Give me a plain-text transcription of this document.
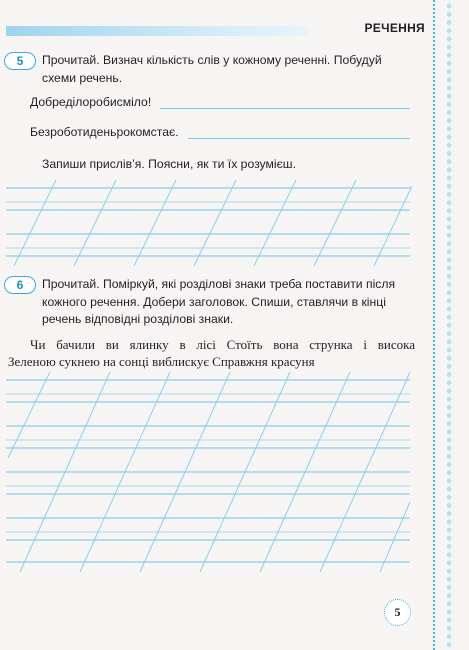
РЕЧЕННЯ
5	Прочитай. Визнач кількість слів у кожному реченні. Побудуй схеми речень.
Добредiлоробисміло!
Безроботиденьрокомстає.
Запиши прислів’я. Поясни, як ти їх розумієш.
6	Прочитай. Поміркуй, які розділові знаки треба поставити після кожного речення. Добери заголовок. Спиши, ставлячи в кінці речень відповідні розділові знаки.
Чи бачили ви ялинку в лісі Стоїть вона струнка і висока
Зеленою сукнею на сонці виблискує Справжня красуня
5
